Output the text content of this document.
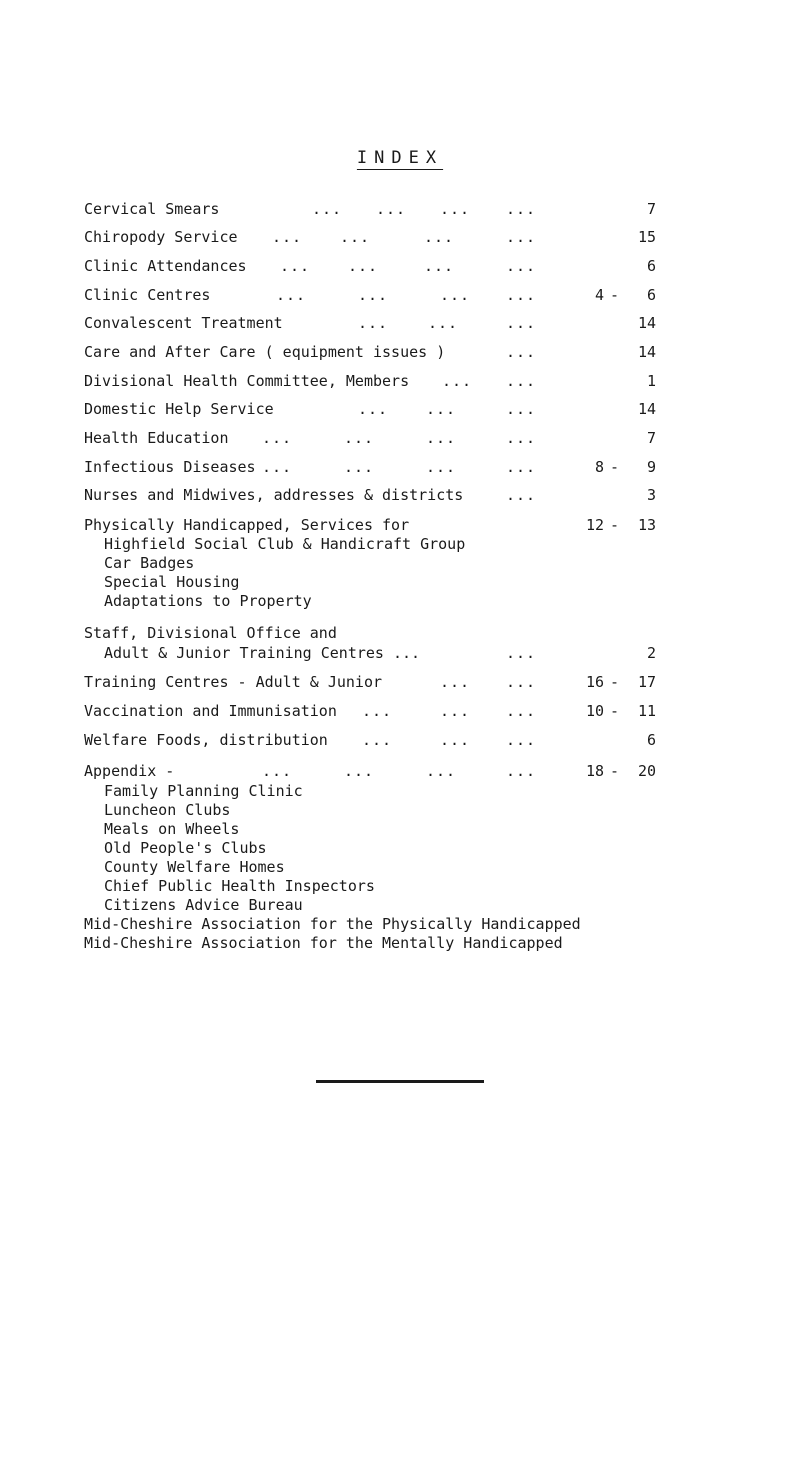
INDEX
Cervical Smears	... ... ... ...	7
Chiropody Service ...	...	...	...	15
Clinic Attendances ...	...	...	...	6
Clinic Centres	...	...	... ...	4 -	6
Convalescent Treatment	...	...	...	14
Care and After Care ( equipment issues )	...	14
Divisional Health Committee, Members ... ...	1
Domestic Help Service	...	...	...	14
Health Education ...	...	...	...	7
Infectious Diseases ...	...	...	...	8 -	9
Nurses and Midwives, addresses & districts	...	3
Physically Handicapped, Services for	12 -	13
Highfield Social Club & Handicraft Group
Car Badges
Special Housing
Adaptations to Property
Staff, Divisional Office and
Adult & Junior Training Centres ...	...	2
Training Centres - Adult & Junior	... ...	16 -	17
Vaccination and Immunisation ...	... ...	10 -	11
Welfare Foods, distribution ...	... ...	6
Appendix -	...	...	...	...	18 -	20
Family Planning Clinic
Luncheon Clubs
Meals on Wheels
Old People's Clubs
County Welfare Homes
Chief Public Health Inspectors
Citizens Advice Bureau
Mid-Cheshire Association for the Physically Handicapped
Mid-Cheshire Association for the Mentally Handicapped
